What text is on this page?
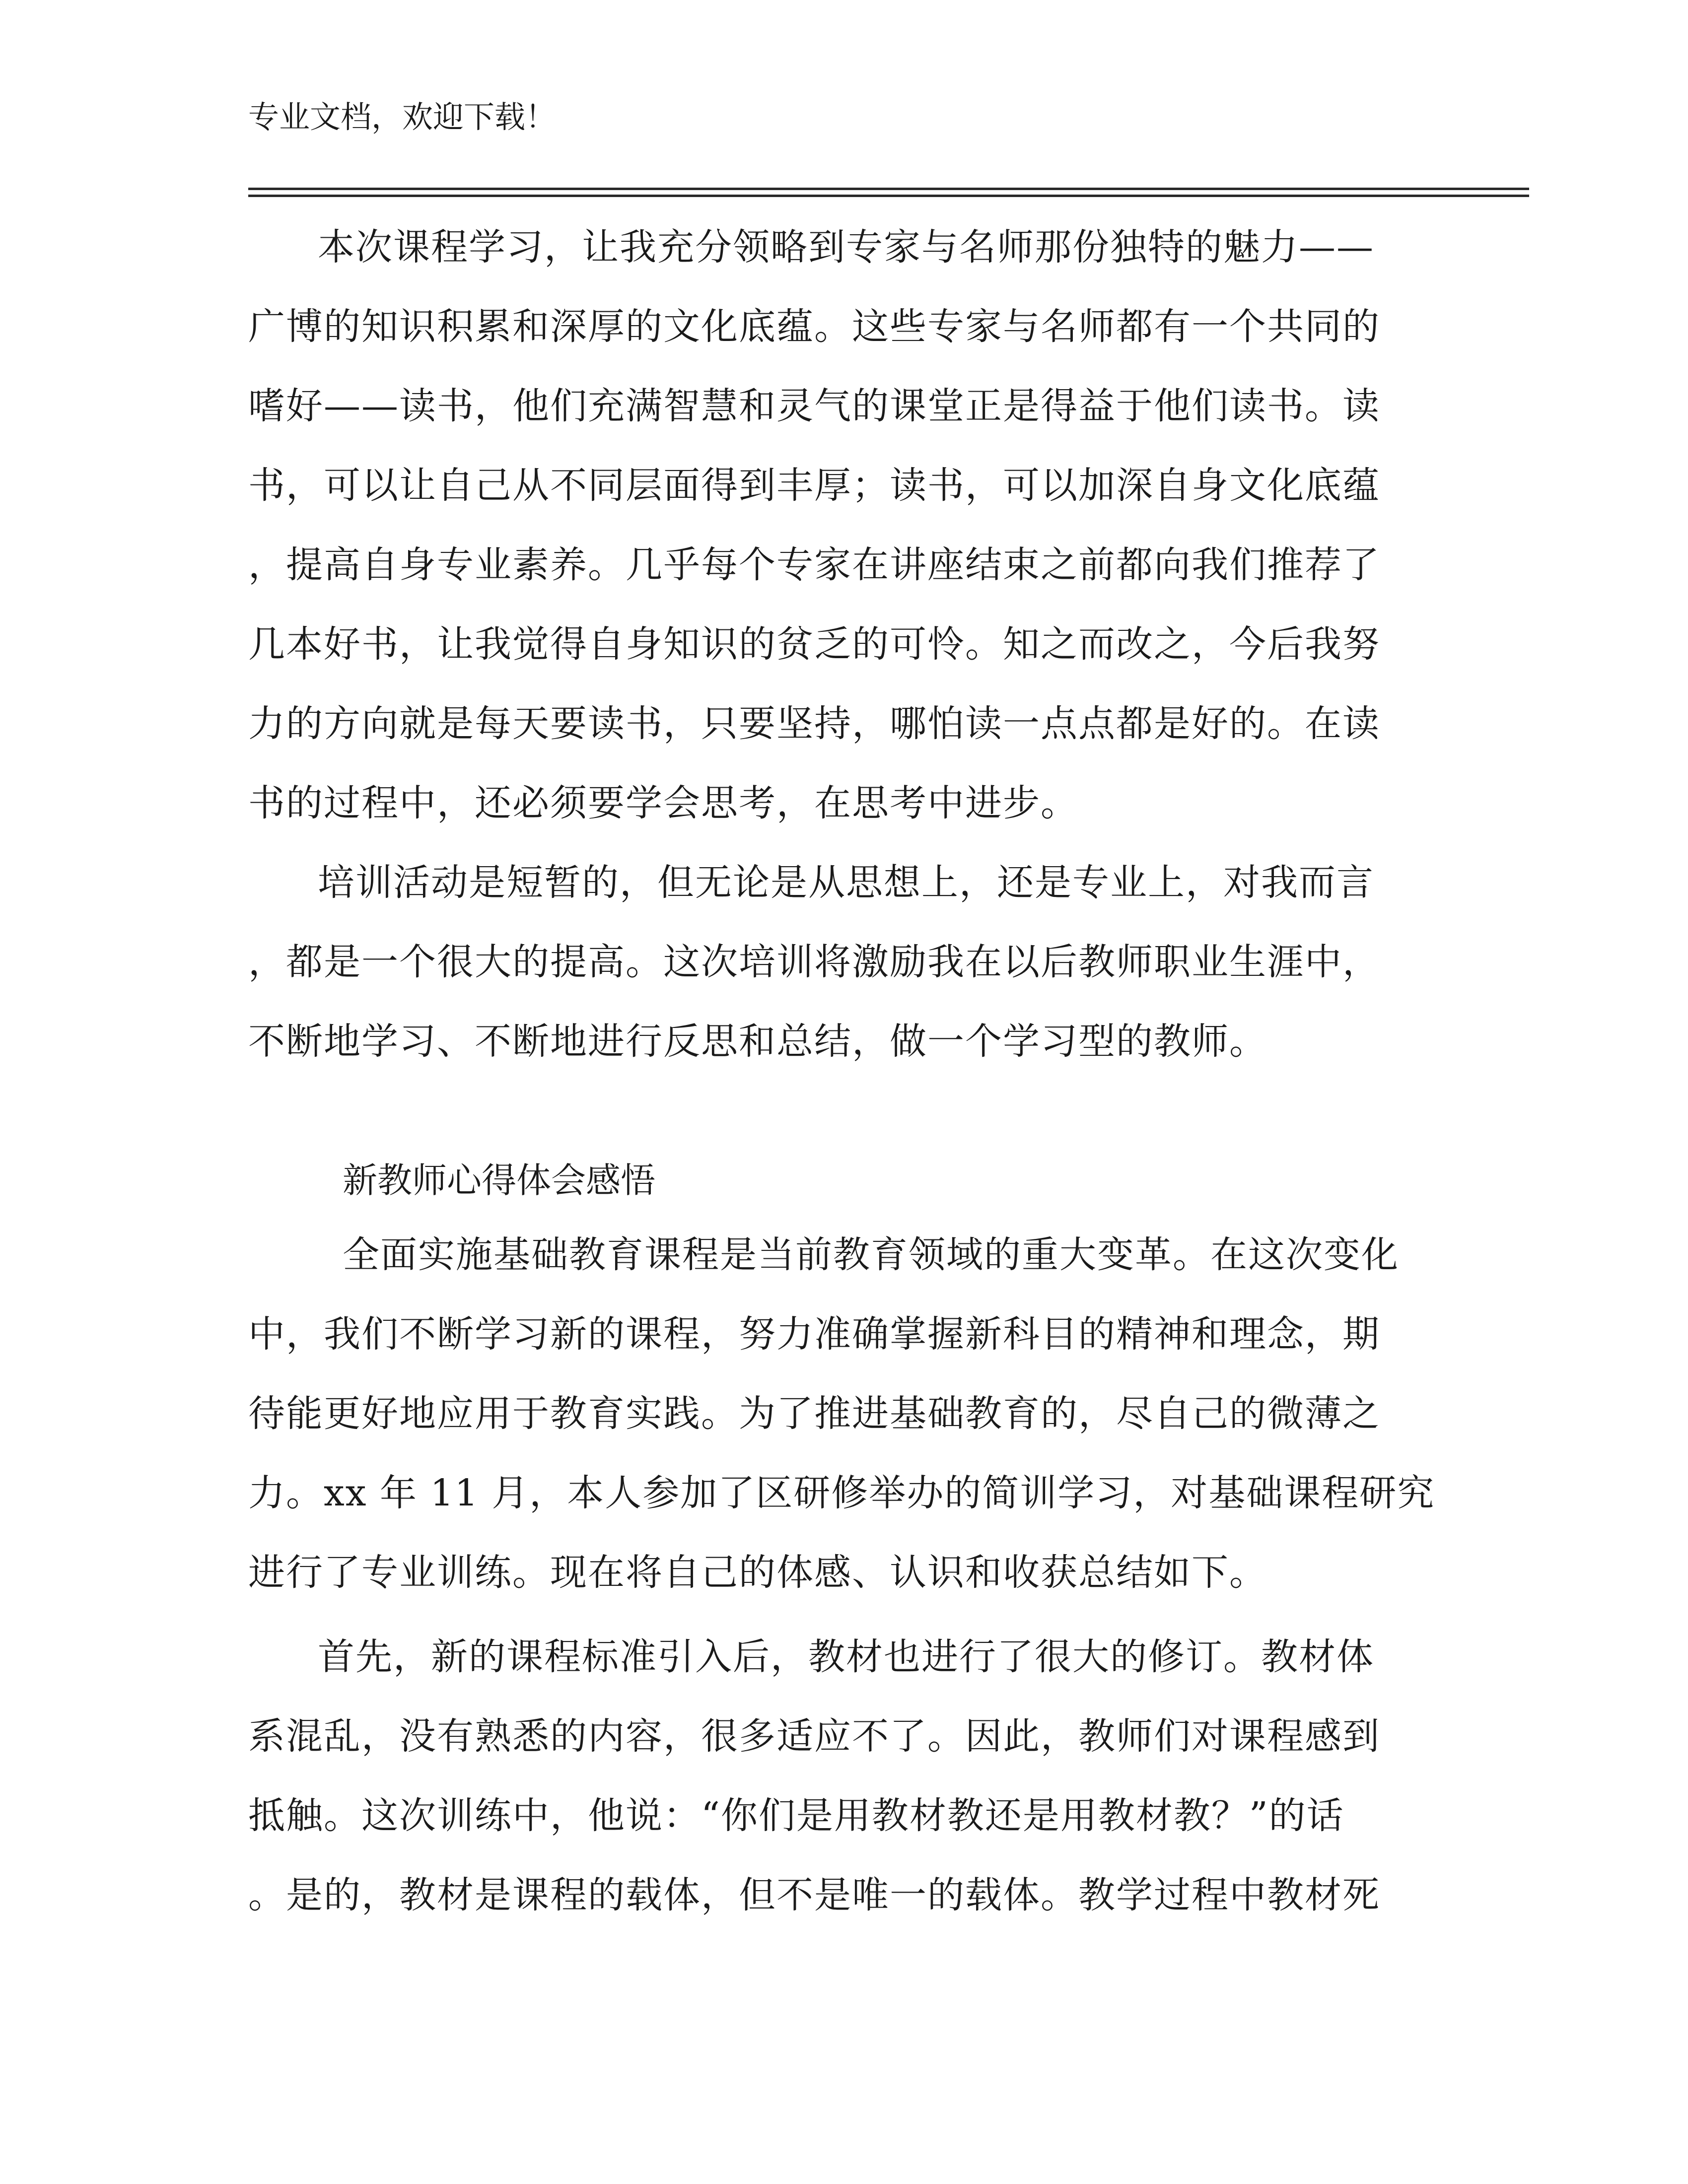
专业文档，欢迎下载！
本次课程学习，让我充分领略到专家与名师那份独特的魅力——
广博的知识积累和深厚的文化底蕴。这些专家与名师都有一个共同的
嗜好——读书，他们充满智慧和灵气的课堂正是得益于他们读书。读
书，可以让自己从不同层面得到丰厚；读书，可以加深自身文化底蕴
，提高自身专业素养。几乎每个专家在讲座结束之前都向我们推荐了
几本好书，让我觉得自身知识的贫乏的可怜。知之而改之，今后我努
力的方向就是每天要读书，只要坚持，哪怕读一点点都是好的。在读
书的过程中，还必须要学会思考，在思考中进步。
培训活动是短暂的，但无论是从思想上，还是专业上，对我而言
，都是一个很大的提高。这次培训将激励我在以后教师职业生涯中，
不断地学习、不断地进行反思和总结，做一个学习型的教师。
新教师心得体会感悟
全面实施基础教育课程是当前教育领域的重大变革。在这次变化
中，我们不断学习新的课程，努力准确掌握新科目的精神和理念，期
待能更好地应用于教育实践。为了推进基础教育的，尽自己的微薄之
力。xx 年 11 月，本人参加了区研修举办的简训学习，对基础课程研究
进行了专业训练。现在将自己的体感、认识和收获总结如下。
首先，新的课程标准引入后，教材也进行了很大的修订。教材体
系混乱，没有熟悉的内容，很多适应不了。因此，教师们对课程感到
抵触。这次训练中，他说：“你们是用教材教还是用教材教？”的话
。是的，教材是课程的载体，但不是唯一的载体。教学过程中教材死
